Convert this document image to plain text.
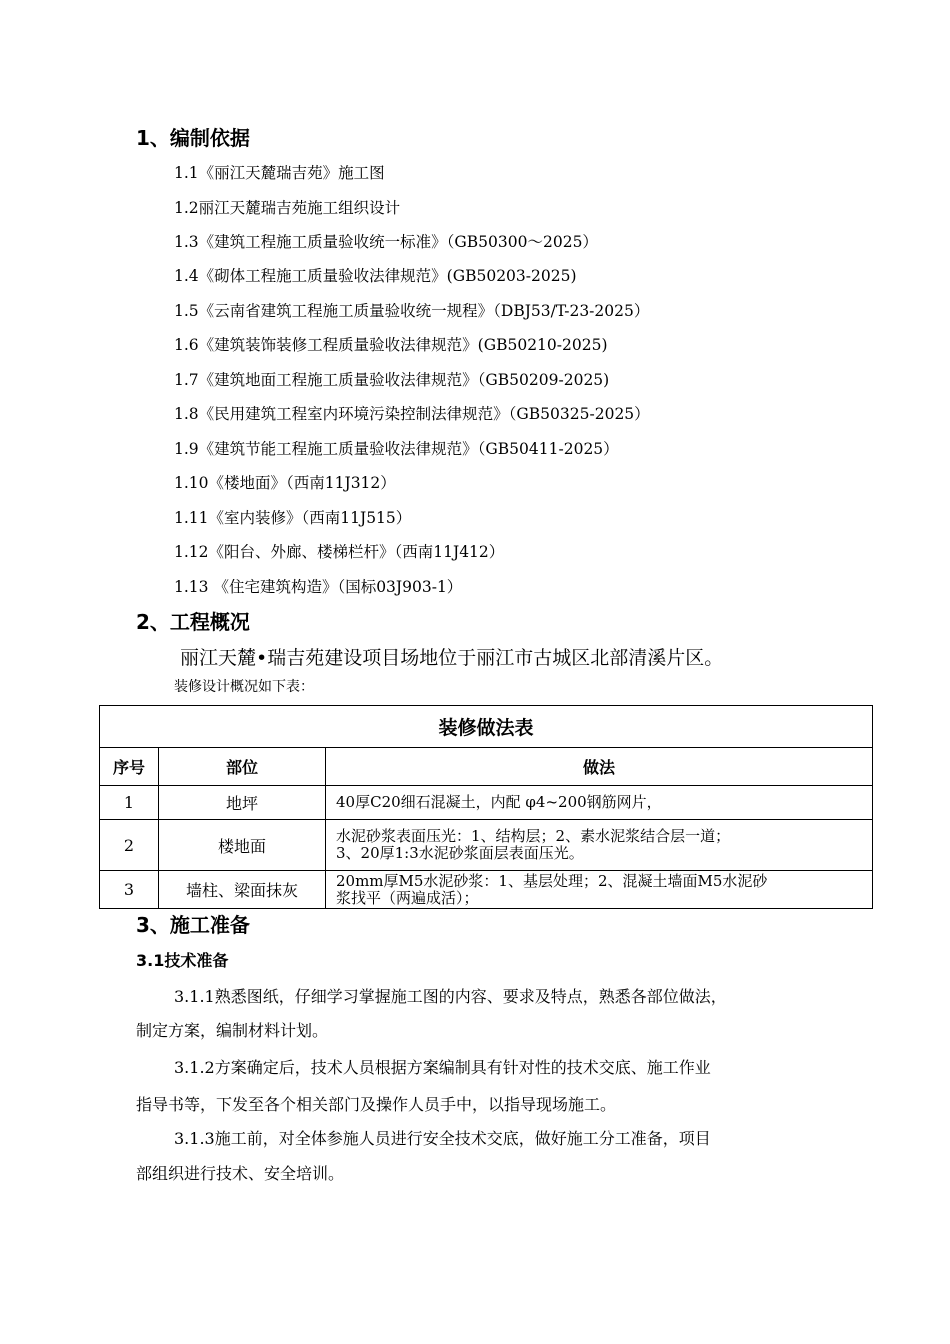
1、编制依据
1.1《丽江天麓瑞吉苑》施工图
1.2丽江天麓瑞吉苑施工组织设计
1.3《建筑工程施工质量验收统一标准》（GB50300～2025）
1.4《砌体工程施工质量验收法律规范》(GB50203-2025)
1.5《云南省建筑工程施工质量验收统一规程》（DBJ53/T-23-2025）
1.6《建筑装饰装修工程质量验收法律规范》(GB50210-2025)
1.7《建筑地面工程施工质量验收法律规范》（GB50209-2025)
1.8《民用建筑工程室内环境污染控制法律规范》（GB50325-2025）
1.9《建筑节能工程施工质量验收法律规范》（GB50411-2025）
1.10《楼地面》（西南11J312）
1.11《室内装修》（西南11J515）
1.12《阳台、外廊、楼梯栏杆》（西南11J412）
1.13 《住宅建筑构造》（国标03J903-1）
2、工程概况
丽江天麓•瑞吉苑建设项目场地位于丽江市古城区北部清溪片区。
装修设计概况如下表：
装修做法表		
序号	部位	做法
1	地坪	40厚C20细石混凝土，内配 φ4~200钢筋网片，

2	楼地面	水泥砂浆表面压光：1、结构层；2、素水泥浆结合层一道；
3、20厚1:3水泥砂浆面层表面压光。

3	墙柱、梁面抹灰	20mm厚M5水泥砂浆：1、基层处理；2、混凝土墙面M5水泥砂
浆找平（两遍成活）；
3、施工准备
3.1技术准备
3.1.1熟悉图纸，仔细学习掌握施工图的内容、要求及特点，熟悉各部位做法，
制定方案，编制材料计划。
3.1.2方案确定后，技术人员根据方案编制具有针对性的技术交底、施工作业
指导书等，下发至各个相关部门及操作人员手中，以指导现场施工。
3.1.3施工前，对全体参施人员进行安全技术交底，做好施工分工准备，项目
部组织进行技术、安全培训。
